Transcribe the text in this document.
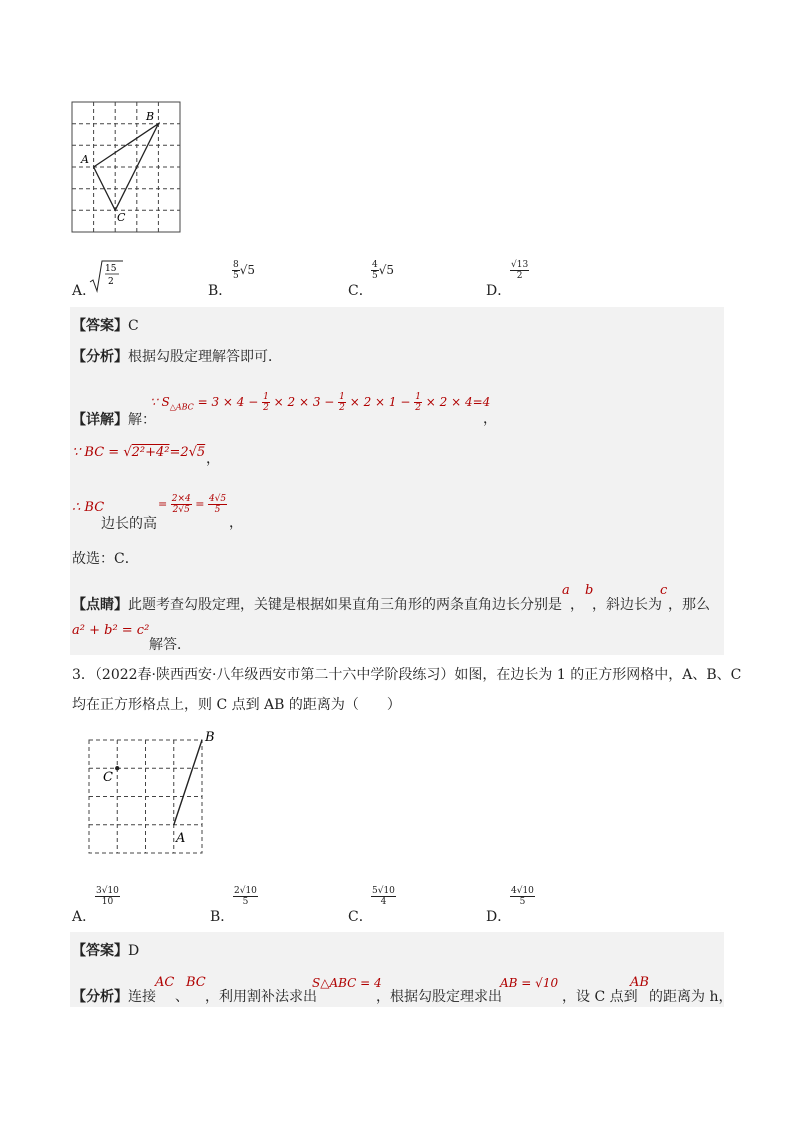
B
A
C
A．
15
2
B．
$\frac{8}{5} √5$
C．
$\frac{4}{5} √5$
D．
$\frac{√13}{2}$
【答案】C
【分析】根据勾股定理解答即可．
∵ $S_{\triangle ABC} = 3 \times 4 - \frac{1}{2} \times 2 \times 3 - \frac{1}{2} \times 2 \times 1 - \frac{1}{2} \times 2 \times 4=4$
，
【详解】解：
∵ BC = √2²+4²=2√5 ，
∴ BC
边长的高
= $\frac{2\times 4}{2√5} = \frac{4√5}{5}$
，
故选：C．
【点睛】此题考查勾股定理，关键是根据如果直角三角形的两条直角边长分别是
a
，
b
，斜边长为
c
，那么
a² + b² = c²
解答．
3．（2022春·陕西西安·八年级西安市第二十六中学阶段练习）如图，在边长为 1 的正方形网格中，A、B、C
均在正方形格点上，则 C 点到 AB 的距离为（　　）
B
C
A
A．
$\frac{3√10}{10}$
B．
$\frac{2√10}{5}$
C．
$\frac{5√10}{4}$
D．
$\frac{4√10}{5}$
【答案】D
【分析】连接
AC
、
BC
，利用割补法求出
S△ABC = 4
，根据勾股定理求出
AB = √10
，设 C 点到
AB
的距离为 h，
